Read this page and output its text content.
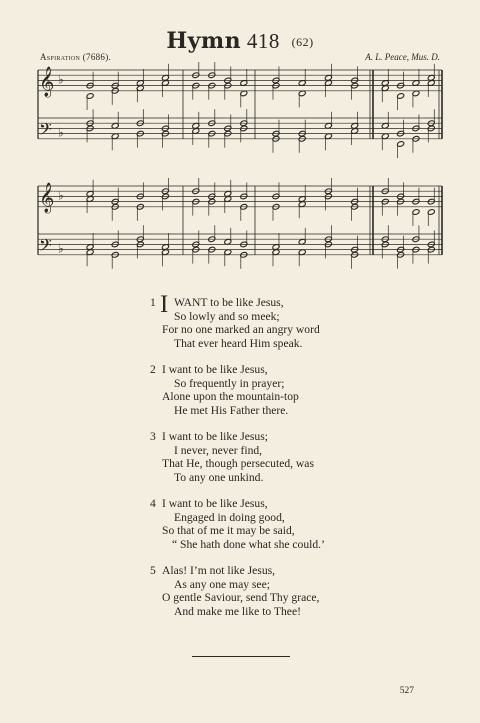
Hymn 418 (62)
Aspiration (7686).	A. L. Peace, Mus. D.
𝄞 ♭
𝄢 ♭
𝄞 ♭
𝄢 ♭
1 I WANT to be like Jesus,
So lowly and so meek;
For no one marked an angry word
That ever heard Him speak.
2 I want to be like Jesus,
So frequently in prayer;
Alone upon the mountain-top
He met His Father there.
3 I want to be like Jesus;
I never, never find,
That He, though persecuted, was
To any one unkind.
4 I want to be like Jesus,
Engaged in doing good,
So that of me it may be said,
“ She hath done what she could.’
5 Alas! I’m not like Jesus,
As any one may see;
O gentle Saviour, send Thy grace,
And make me like to Thee!
527
